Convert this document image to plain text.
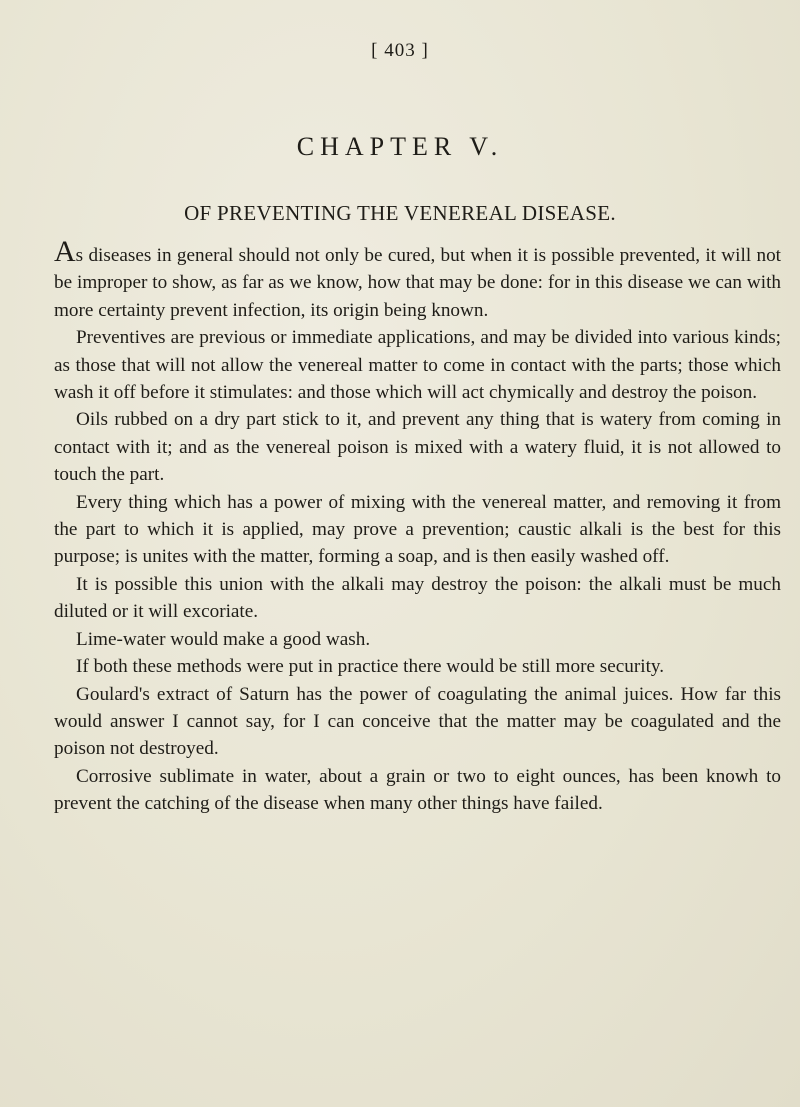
[ 403 ]
CHAPTER V.
OF PREVENTING THE VENEREAL DISEASE.

As diseases in general should not only be cured, but when it is possible prevented, it will not be improper to show, as far as we know, how that may be done: for in this disease we can with more certainty prevent infection, its origin being known.

Preventives are previous or immediate applications, and may be divided into various kinds; as those that will not allow the venereal matter to come in contact with the parts; those which wash it off before it stimulates: and those which will act chymically and destroy the poison.

Oils rubbed on a dry part stick to it, and prevent any thing that is watery from coming in contact with it; and as the venereal poison is mixed with a watery fluid, it is not allowed to touch the part.

Every thing which has a power of mixing with the venereal matter, and removing it from the part to which it is applied, may prove a prevention; caustic alkali is the best for this purpose; is unites with the matter, forming a soap, and is then easily washed off.

It is possible this union with the alkali may destroy the poison: the alkali must be much diluted or it will excoriate.

Lime-water would make a good wash.

If both these methods were put in practice there would be still more security.

Goulard's extract of Saturn has the power of coagulating the animal juices. How far this would answer I cannot say, for I can conceive that the matter may be coagulated and the poison not destroyed.

Corrosive sublimate in water, about a grain or two to eight ounces, has been knowh to prevent the catching of the disease when many other things have failed.
